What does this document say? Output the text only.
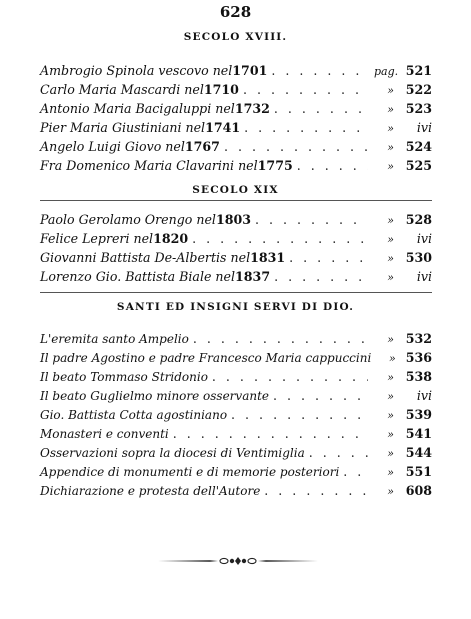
628
SECOLO XVIII.
Ambrogio Spinola vescovo nel 1701 . . .	pag. 521
Carlo Maria Mascardi nel 1710 . . .	» 522
Antonio Maria Bacigaluppi nel 1732 . . .	» 523
Pier Maria Giustiniani nel 1741 . . .	»	ivi
Angelo Luigi Giovo nel 1767 . . .	» 524
Fra Domenico Maria Clavarini nel 1775 . . .	» 525
SECOLO XIX
Paolo Gerolamo Orengo nel 1803 . . .	» 528
Felice Lepreri nel 1820 . . .	»	ivi
Giovanni Battista De-Albertis nel 1831 . . .	» 530
Lorenzo Gio. Battista Biale nel 1837 . . .	»	ivi
SANTI ED INSIGNI SERVI DI DIO.
L'eremita santo Ampelio . . .	» 532
Il padre Agostino e padre Francesco Maria cappuccini	» 536
Il beato Tommaso Stridonio . . .	» 538
Il beato Guglielmo minore osservante . . .	»	ivi
Gio. Battista Cotta agostiniano . . .	» 539
Monasteri e conventi . . .	» 541
Osservazioni sopra la diocesi di Ventimiglia . . .	» 544
Appendice di monumenti e di memorie posteriori . . .	» 551
Dichiarazione e protesta dell'Autore . . .	» 608
